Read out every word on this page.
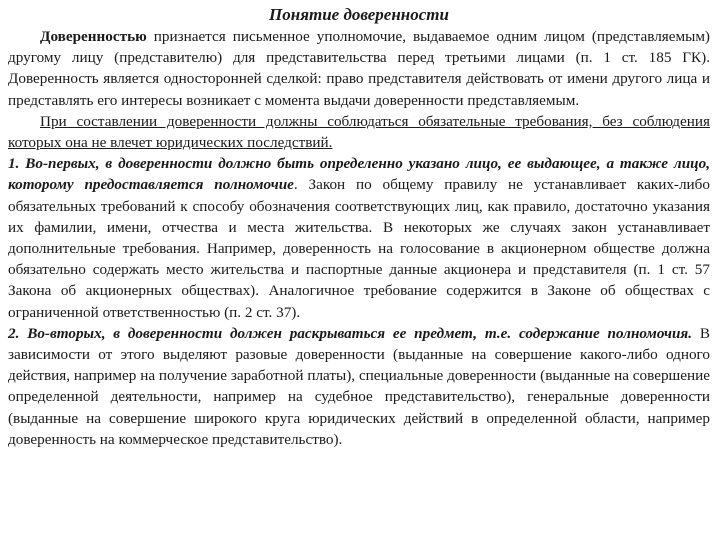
Понятие доверенности

Доверенностью признается письменное уполномочие, выдаваемое одним лицом (представляемым) другому лицу (представителю) для представительства перед третьими лицами (п. 1 ст. 185 ГК). Доверенность является односторонней сделкой: право представителя действовать от имени другого лица и представлять его интересы возникает с момента выдачи доверенности представляемым.

При составлении доверенности должны соблюдаться обязательные требования, без соблюдения которых она не влечет юридических последствий.

1. Во-первых, в доверенности должно быть определенно указано лицо, ее выдающее, а также лицо, которому предоставляется полномочие. Закон по общему правилу не устанавливает каких-либо обязательных требований к способу обозначения соответствующих лиц, как правило, достаточно указания их фамилии, имени, отчества и места жительства. В некоторых же случаях закон устанавливает дополнительные требования. Например, доверенность на голосование в акционерном обществе должна обязательно содержать место жительства и паспортные данные акционера и представителя (п. 1 ст. 57 Закона об акционерных обществах). Аналогичное требование содержится в Законе об обществах с ограниченной ответственностью (п. 2 ст. 37).

2. Во-вторых, в доверенности должен раскрываться ее предмет, т.е. содержание полномочия. В зависимости от этого выделяют разовые доверенности (выданные на совершение какого-либо одного действия, например на получение заработной платы), специальные доверенности (выданные на совершение определенной деятельности, например на судебное представительство), генеральные доверенности (выданные на совершение широкого круга юридических действий в определенной области, например доверенность на коммерческое представительство).
